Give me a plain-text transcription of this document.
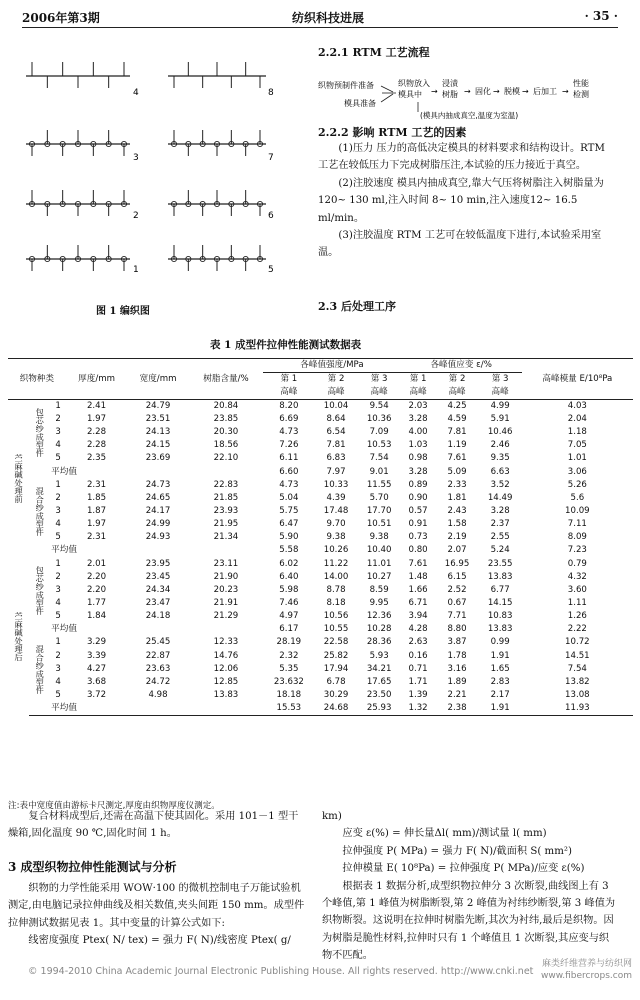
2006年第3期	纺织科技进展	· 35 ·
8
4
3	7
2	6
1	5
图 1 编织图
2.2.1 RTM 工艺流程
织物预制件准备
模具准备
织物放入
模具中 →
浸渍
树脂 → 固化 → 脱模 → 后加工 →
性能
检测
(模具内抽成真空,温度为室温)
2.2.2 影响 RTM 工艺的因素

(1)压力 压力的高低决定模具的材料要求和结构设计。RTM 工艺在较低压力下完成树脂压注,本试验的压力接近于真空。

(2)注胶速度 模具内抽成真空,靠大气压将树脂注入树脂量为 120~ 130 ml,注入时间 8~ 10 min,注入速度12~ 16.5 ml/min。

(3)注胶温度 RTM 工艺可在较低温度下进行,本试验采用室温。

2.3 后处理工序
表 1 成型件拉伸性能测试数据表
织物种类			厚度/mm	宽度/mm	树脂含量/%	各峰值强度/MPa			各峰值应变 ε/%			高峰模量 E/10⁸Pa
						第 1
高峰	第 2
高峰	第 3
高峰	第 1
高峰	第 2
高峰	第 3
高峰	
苎麻碱处理前	包芯纱成型件	1	2.41	24.79	20.84	8.20	10.04	9.54	2.03	4.25	4.99	4.03
		2	1.97	23.51	23.85	6.69	8.64	10.36	3.28	4.59	5.91	2.04
		3	2.28	24.13	20.30	4.73	6.54	7.09	4.00	7.81	10.46	1.18
		4	2.28	24.15	18.56	7.26	7.81	10.53	1.03	1.19	2.46	7.05
		5	2.35	23.69	22.10	6.11	6.83	7.54	0.98	7.61	9.35	1.01
	平均值					6.60	7.97	9.01	3.28	5.09	6.63	3.06
	混合纱成型件	1	2.31	24.73	22.83	4.73	10.33	11.55	0.89	2.33	3.52	5.26
		2	1.85	24.65	21.85	5.04	4.39	5.70	0.90	1.81	14.49	5.6
		3	1.87	24.17	23.93	5.75	17.48	17.70	0.57	2.43	3.28	10.09
		4	1.97	24.99	21.95	6.47	9.70	10.51	0.91	1.58	2.37	7.11
		5	2.31	24.93	21.34	5.90	9.38	9.38	0.73	2.19	2.55	8.09
	平均值					5.58	10.26	10.40	0.80	2.07	5.24	7.23
苎麻碱处理后	包芯纱成型件	1	2.01	23.95	23.11	6.02	11.22	11.01	7.61	16.95	23.55	0.79
		2	2.20	23.45	21.90	6.40	14.00	10.27	1.48	6.15	13.83	4.32
		3	2.20	24.34	20.23	5.98	8.78	8.59	1.66	2.52	6.77	3.60
		4	1.77	23.47	21.91	7.46	8.18	9.95	6.71	0.67	14.15	1.11
		5	1.84	24.18	21.29	4.97	10.56	12.36	3.94	7.71	10.83	1.26
	平均值					6.17	10.55	10.28	4.28	8.80	13.83	2.22
	混合纱成型件	1	3.29	25.45	12.33	28.19	22.58	28.36	2.63	3.87	0.99	10.72
		2	3.39	22.87	14.76	2.32	25.82	5.93	0.16	1.78	1.91	14.51
		3	4.27	23.63	12.06	5.35	17.94	34.21	0.71	3.16	1.65	7.54
		4	3.68	24.72	12.85	23.632	6.78	17.65	1.71	1.89	2.83	13.82
		5	3.72	4.98	13.83	18.18	30.29	23.50	1.39	2.21	2.17	13.08
	平均值					15.53	24.68	25.93	1.32	2.38	1.91	11.93
注:表中宽度值由游标卡尺测定,厚度由织物厚度仪测定。

复合材料成型后,还需在高温下使其固化。采用 101－1 型干燥箱,固化温度 90 ℃,固化时间 1 h。

3 成型织物拉伸性能测试与分析

织物的力学性能采用 WOW·100 的微机控制电子万能试验机测定,由电脑记录拉伸曲线及相关数值,夹头间距 150 mm。成型件拉伸测试数据见表 1。其中变量的计算公式如下:

线密度强度 Ptex( N/ tex) = 强力 F( N)/线密度 Ptex( g/

km)

应变 ε(%) = 伸长量Δl( mm)/测试量 l( mm)

拉伸强度 P( MPa) = 强力 F( N)/截面积 S( mm²)

拉伸模量 E( 10⁸Pa) = 拉伸强度 P( MPa)/应变 ε(%)

根据表 1 数据分析,成型织物拉伸分 3 次断裂,曲线图上有 3 个峰值,第 1 峰值为树脂断裂,第 2 峰值为衬纬纱断裂,第 3 峰值为织物断裂。这说明在拉伸时树脂先断,其次为衬纬,最后是织物。因为树脂是脆性材料,拉伸时只有 1 个峰值且 1 次断裂,其应变与织物不匹配。

© 1994-2010 China Academic Journal Electronic Publishing House. All rights reserved. http://www.cnki.net
麻类纤维营养与纺织网
www.fibercrops.com
